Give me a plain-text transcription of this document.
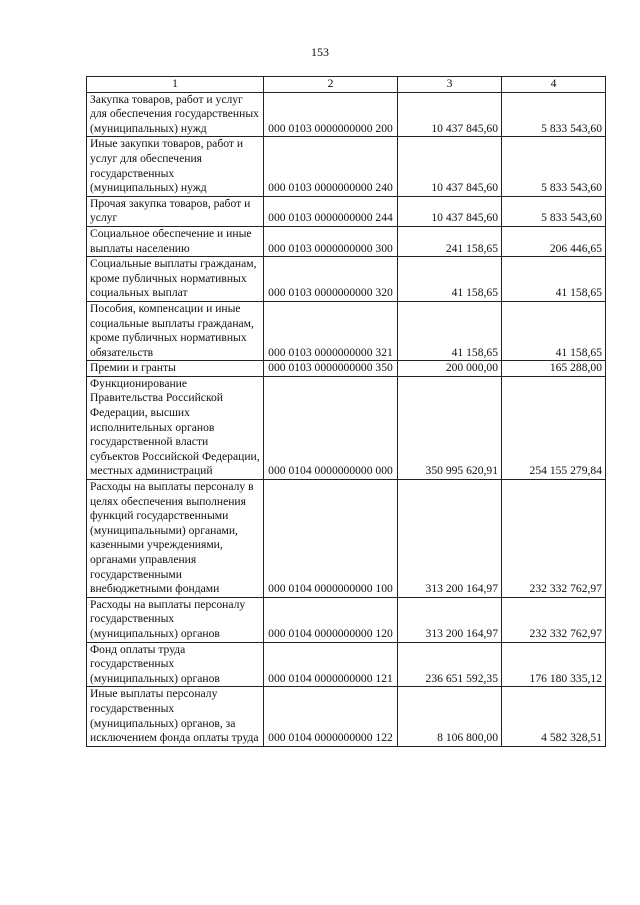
153
1	2	3	4
Закупка товаров, работ и услуг для обеспечения государственных (муниципальных) нужд	000 0103 0000000000 200	10 437 845,60	5 833 543,60
Иные закупки товаров, работ и услуг для обеспечения государственных (муниципальных) нужд	000 0103 0000000000 240	10 437 845,60	5 833 543,60
Прочая закупка товаров, работ и услуг	000 0103 0000000000 244	10 437 845,60	5 833 543,60
Социальное обеспечение и иные выплаты населению	000 0103 0000000000 300	241 158,65	206 446,65
Социальные выплаты гражданам, кроме публичных нормативных социальных выплат	000 0103 0000000000 320	41 158,65	41 158,65
Пособия, компенсации и иные социальные выплаты гражданам, кроме публичных нормативных обязательств	000 0103 0000000000 321	41 158,65	41 158,65
Премии и гранты	000 0103 0000000000 350	200 000,00	165 288,00
Функционирование Правительства Российской Федерации, высших исполнительных органов государственной власти субъектов Российской Федерации, местных администраций	000 0104 0000000000 000	350 995 620,91	254 155 279,84
Расходы на выплаты персоналу в целях обеспечения выполнения функций государственными (муниципальными) органами, казенными учреждениями, органами управления государственными внебюджетными фондами	000 0104 0000000000 100	313 200 164,97	232 332 762,97
Расходы на выплаты персоналу государственных (муниципальных) органов	000 0104 0000000000 120	313 200 164,97	232 332 762,97
Фонд оплаты труда государственных (муниципальных) органов	000 0104 0000000000 121	236 651 592,35	176 180 335,12
Иные выплаты персоналу государственных (муниципальных) органов, за исключением фонда оплаты труда	000 0104 0000000000 122	8 106 800,00	4 582 328,51
